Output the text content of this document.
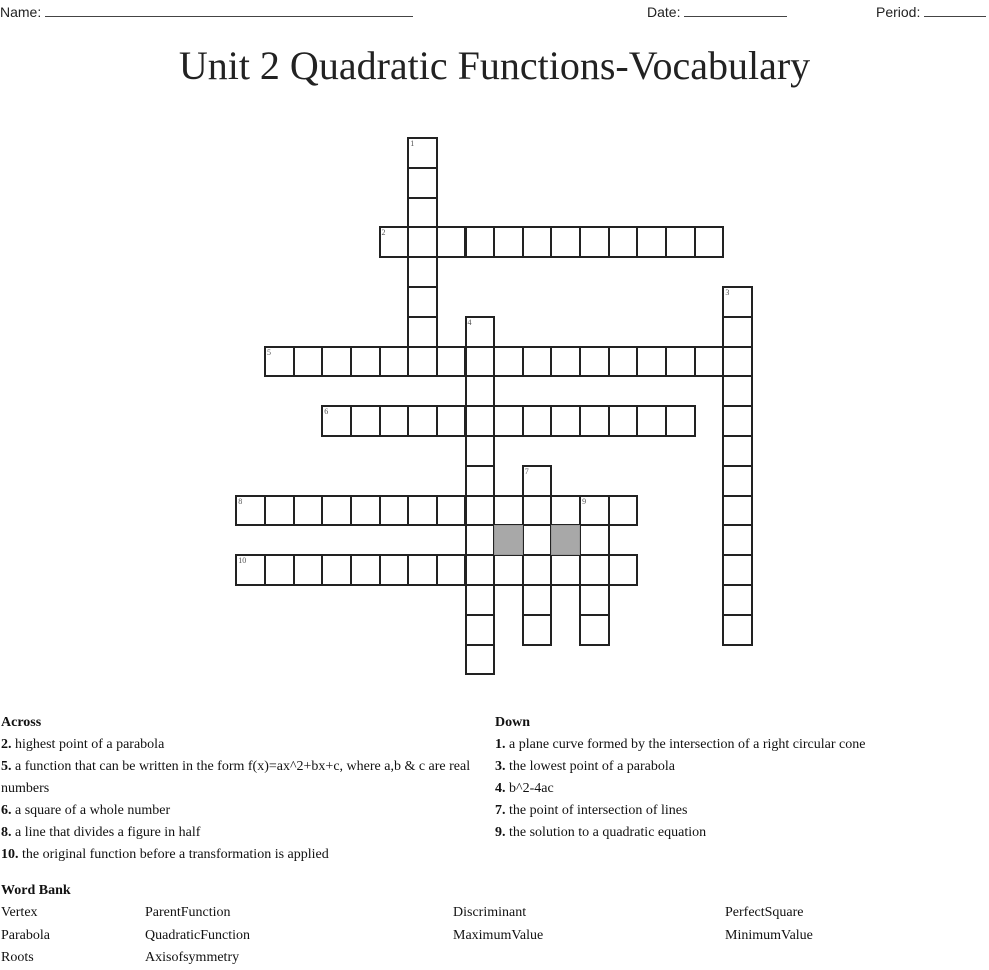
Name:	Date:	Period:
Unit 2 Quadratic Functions-Vocabulary
1
2
3
4
5
6
7
8	9
10
Across
2. highest point of a parabola
5. a function that can be written in the form f(x)=ax^2+bx+c, where a,b & c are real numbers
6. a square of a whole number
8. a line that divides a figure in half
10. the original function before a transformation is applied
Down
1. a plane curve formed by the intersection of a right circular cone
3. the lowest point of a parabola
4. b^2-4ac
7. the point of intersection of lines
9. the solution to a quadratic equation
Word Bank
Vertex	ParentFunction	Discriminant	PerfectSquare
Parabola	QuadraticFunction	MaximumValue	MinimumValue
Roots	Axisofsymmetry
